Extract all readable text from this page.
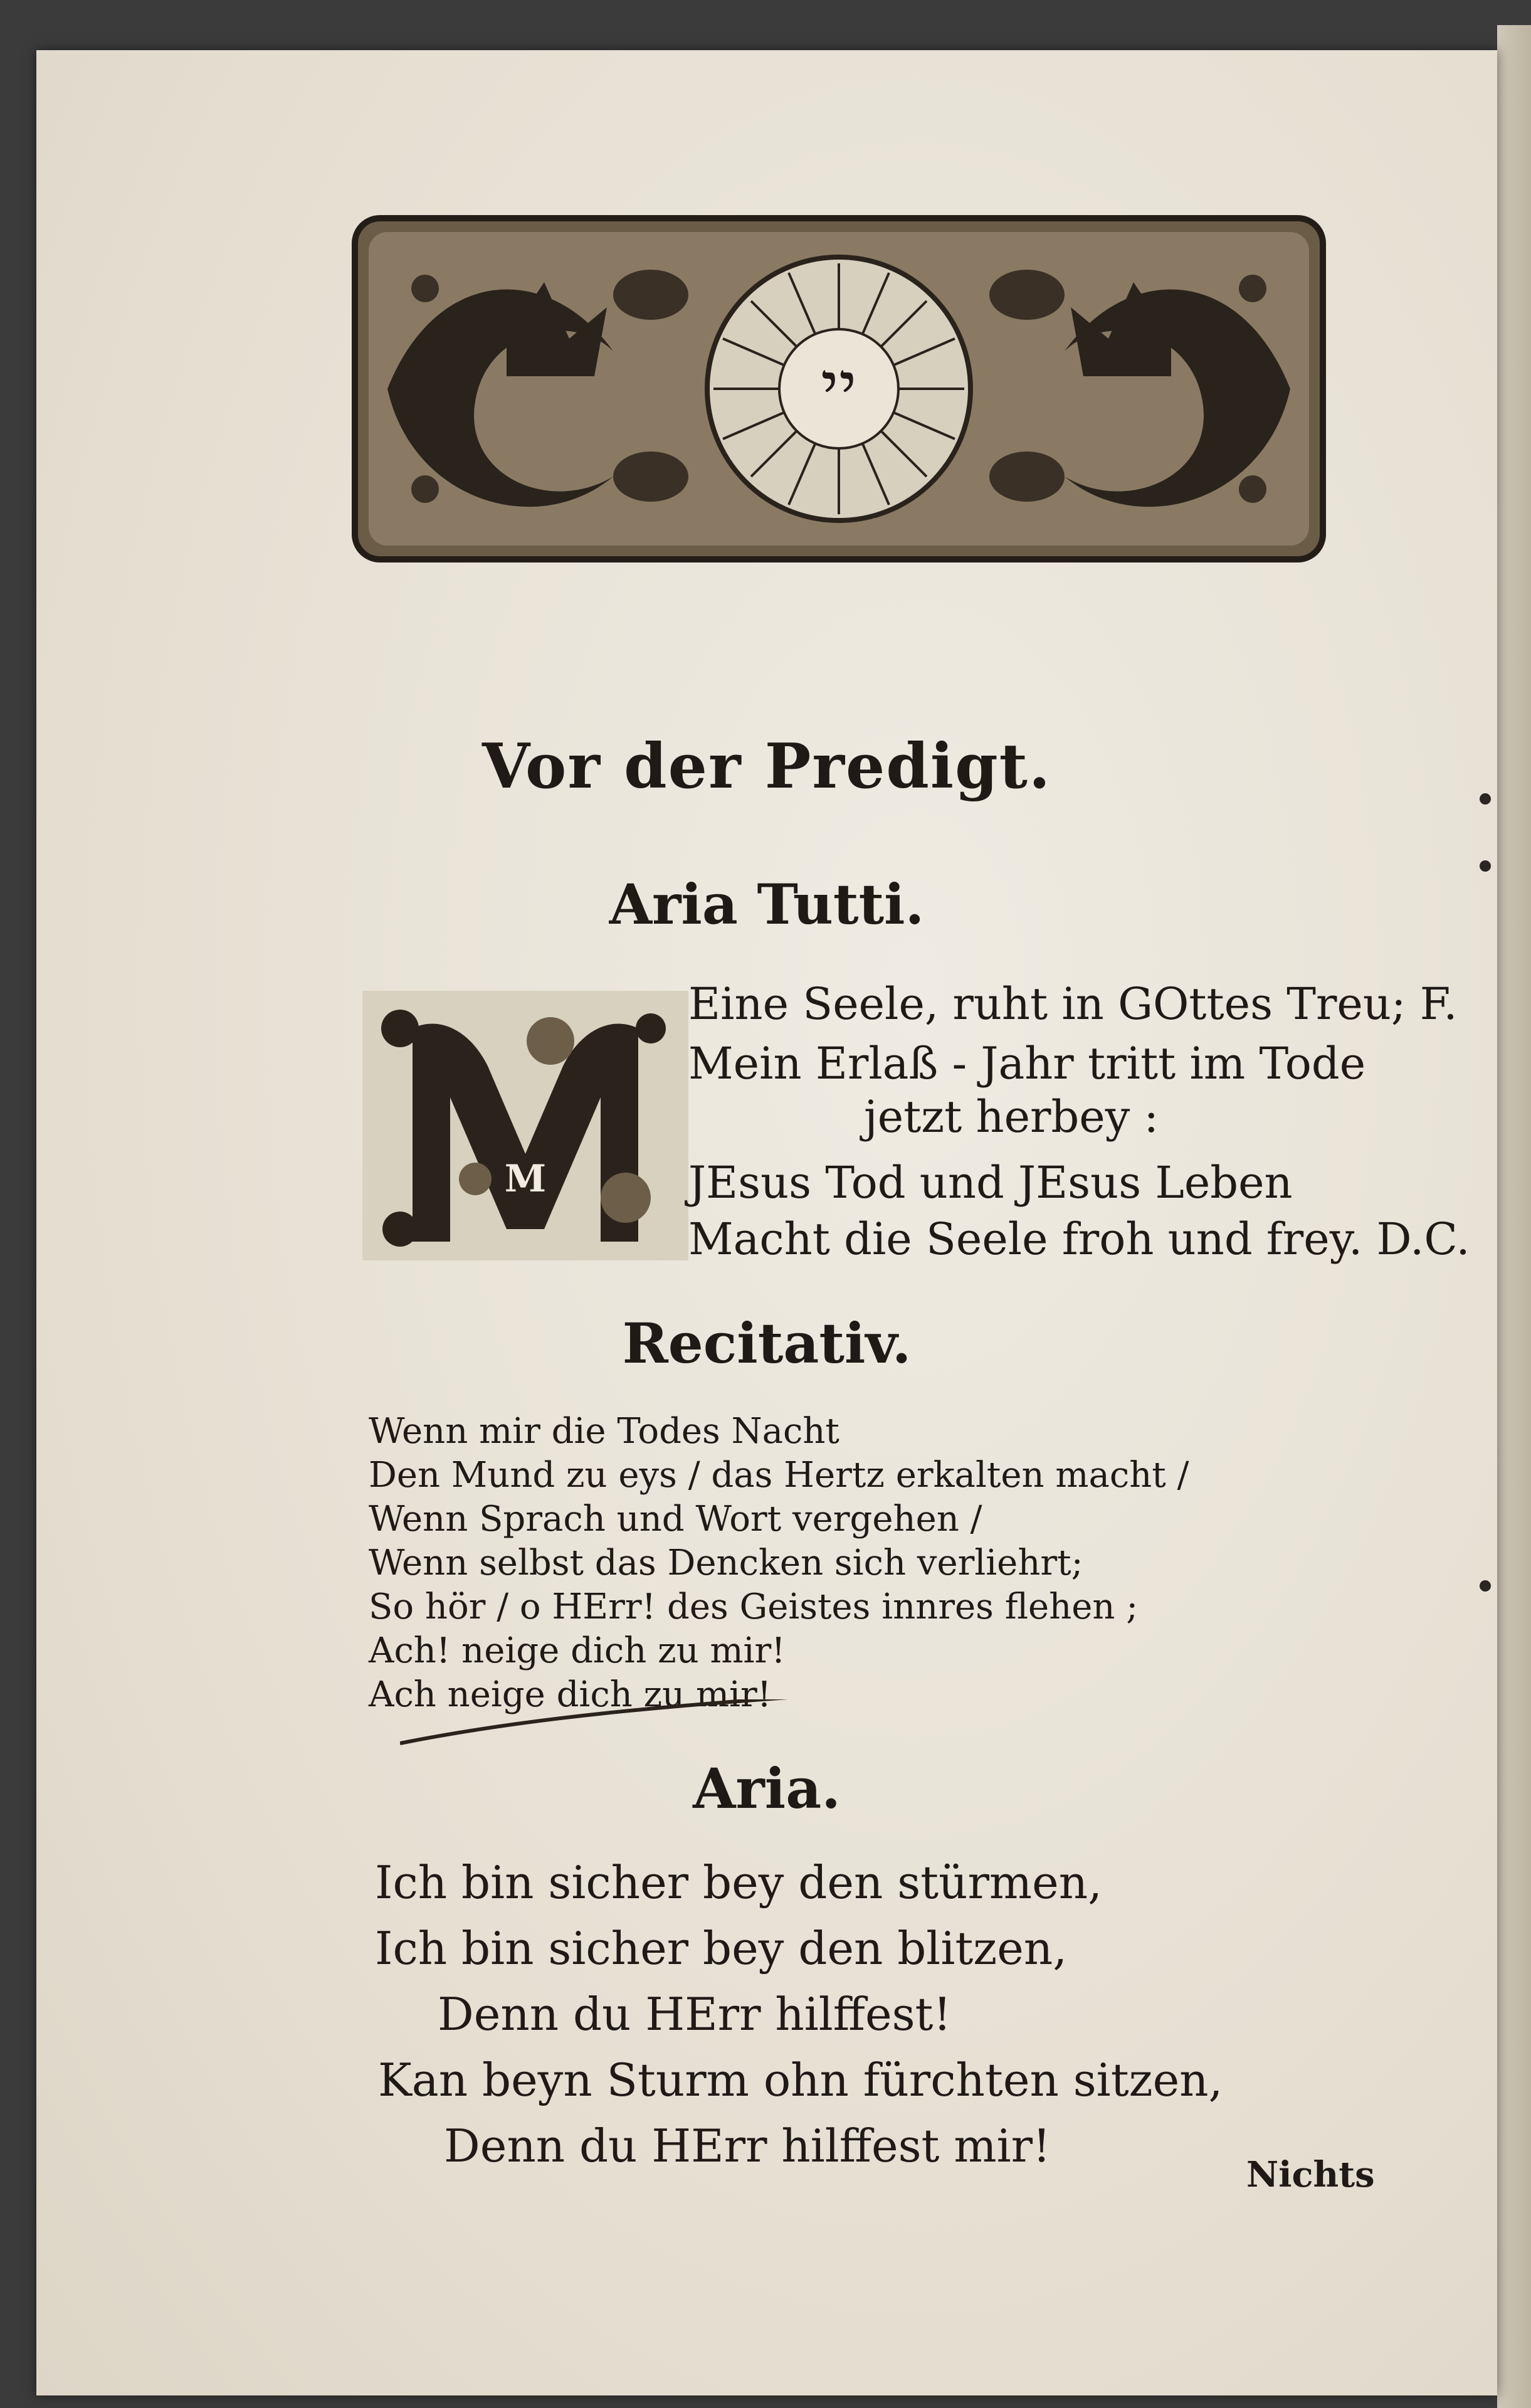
יי
Vor der Predigt.
Aria Tutti.
M

Eine Seele, ruht in GOttes Treu; F.

Mein Erlaß - Jahr tritt im Tode

jetzt herbey :

JEsus Tod und JEsus Leben

Macht die Seele froh und frey. D.C.

Recitativ.

Wenn mir die Todes Nacht

Den Mund zu eys / das Hertz erkalten macht /

Wenn Sprach und Wort vergehen /

Wenn selbst das Dencken sich verliehrt;

So hör / o HErr! des Geistes innres flehen ;

Ach! neige dich zu mir!

Ach neige dich zu mir!

Aria.

Ich bin sicher bey den stürmen,

Ich bin sicher bey den blitzen,

Denn du HErr hilffest!

Kan beyn Sturm ohn fürchten sitzen,

Denn du HErr hilffest mir!

Nichts
